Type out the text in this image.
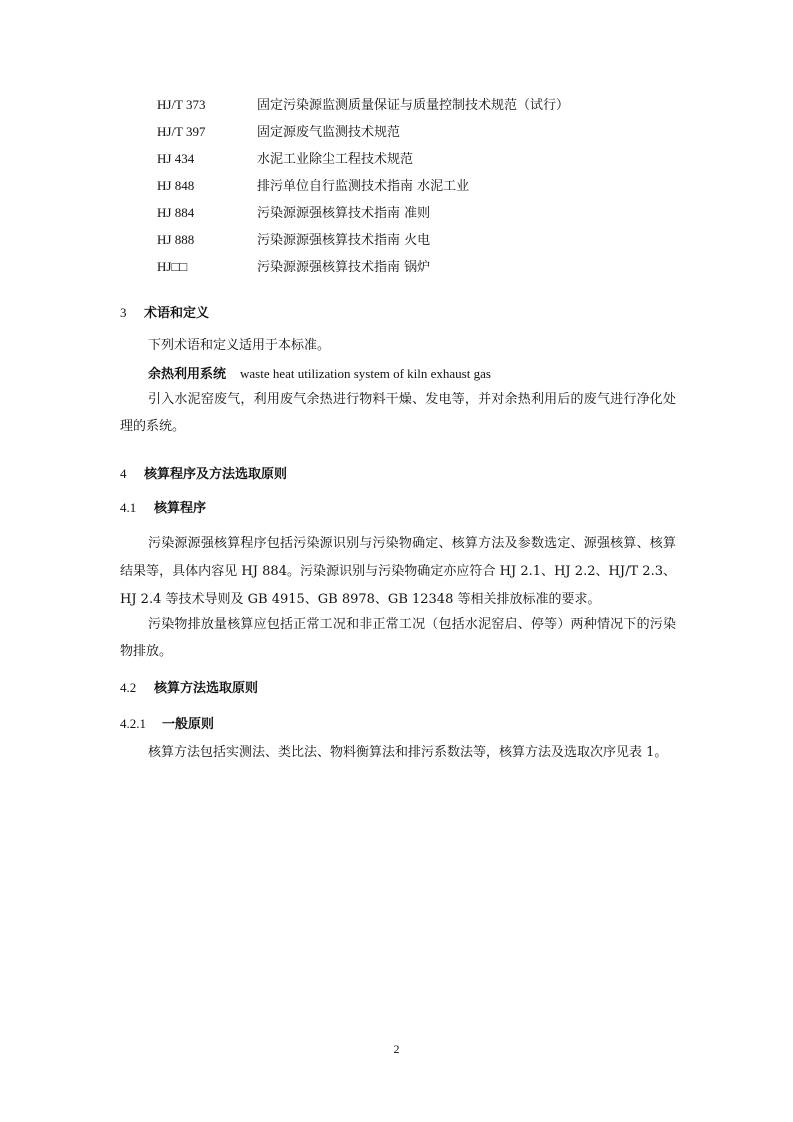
HJ/T 373	固定污染源监测质量保证与质量控制技术规范（试行）
HJ/T 397	固定源废气监测技术规范
HJ 434	水泥工业除尘工程技术规范
HJ 848	排污单位自行监测技术指南 水泥工业
HJ 884	污染源源强核算技术指南 准则
HJ 888	污染源源强核算技术指南 火电
HJ□□	污染源源强核算技术指南 锅炉
3 术语和定义
下列术语和定义适用于本标准。
余热利用系统 waste heat utilization system of kiln exhaust gas
引入水泥窑废气，利用废气余热进行物料干燥、发电等，并对余热利用后的废气进行净化处理的系统。
4 核算程序及方法选取原则
4.1 核算程序
污染源源强核算程序包括污染源识别与污染物确定、核算方法及参数选定、源强核算、核算结果等，具体内容见 HJ 884。污染源识别与污染物确定亦应符合 HJ 2.1、HJ 2.2、HJ/T 2.3、HJ 2.4 等技术导则及 GB 4915、GB 8978、GB 12348 等相关排放标准的要求。
污染物排放量核算应包括正常工况和非正常工况（包括水泥窑启、停等）两种情况下的污染物排放。
4.2 核算方法选取原则
4.2.1 一般原则
核算方法包括实测法、类比法、物料衡算法和排污系数法等，核算方法及选取次序见表 1。
2
